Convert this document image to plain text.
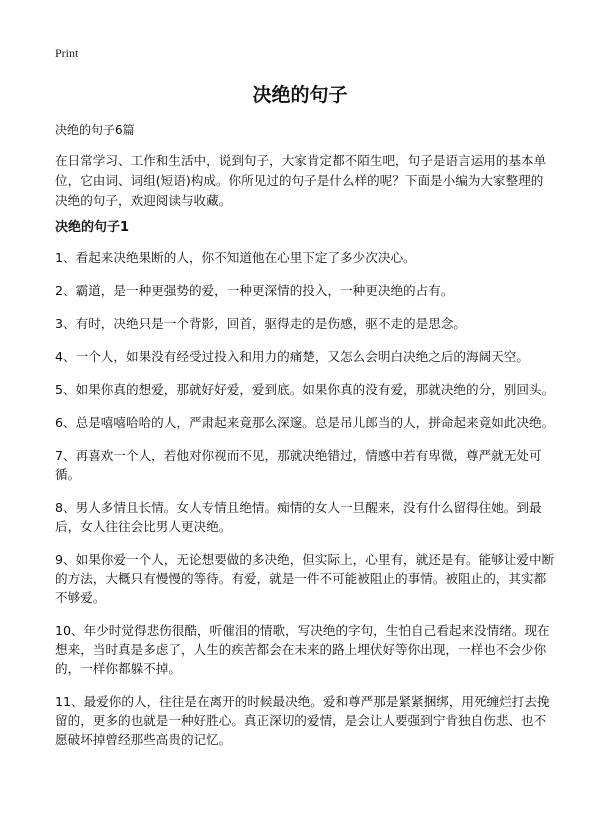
Print
决绝的句子
决绝的句子6篇

在日常学习、工作和生活中，说到句子，大家肯定都不陌生吧，句子是语言运用的基本单位，它由词、词组(短语)构成。你所见过的句子是什么样的呢？下面是小编为大家整理的决绝的句子，欢迎阅读与收藏。

决绝的句子1
1、看起来决绝果断的人，你不知道他在心里下定了多少次决心。
2、霸道，是一种更强势的爱，一种更深情的投入，一种更决绝的占有。
3、有时，决绝只是一个背影，回首，驱得走的是伤感，驱不走的是思念。
4、一个人，如果没有经受过投入和用力的痛楚，又怎么会明白决绝之后的海阔天空。
5、如果你真的想爱，那就好好爱，爱到底。如果你真的没有爱，那就决绝的分，别回头。
6、总是嘻嘻哈哈的人，严肃起来竟那么深邃。总是吊儿郎当的人，拼命起来竟如此决绝。
7、再喜欢一个人，若他对你视而不见，那就决绝错过，情感中若有卑微，尊严就无处可循。
8、男人多情且长情。女人专情且绝情。痴情的女人一旦醒来，没有什么留得住她。到最后，女人往往会比男人更决绝。
9、如果你爱一个人，无论想要做的多决绝，但实际上，心里有，就还是有。能够让爱中断的方法，大概只有慢慢的等待。有爱，就是一件不可能被阻止的事情。被阻止的，其实都不够爱。
10、年少时觉得悲伤很酷，听催泪的情歌，写决绝的字句，生怕自己看起来没情绪。现在想来，当时真是多虑了，人生的疾苦都会在未来的路上埋伏好等你出现，一样也不会少你的，一样你都躲不掉。
11、最爱你的人，往往是在离开的时候最决绝。爱和尊严那是紧紧捆绑，用死缠烂打去挽留的，更多的也就是一种好胜心。真正深切的爱情，是会让人要强到宁肯独自伤悲、也不愿破坏掉曾经那些高贵的记忆。
